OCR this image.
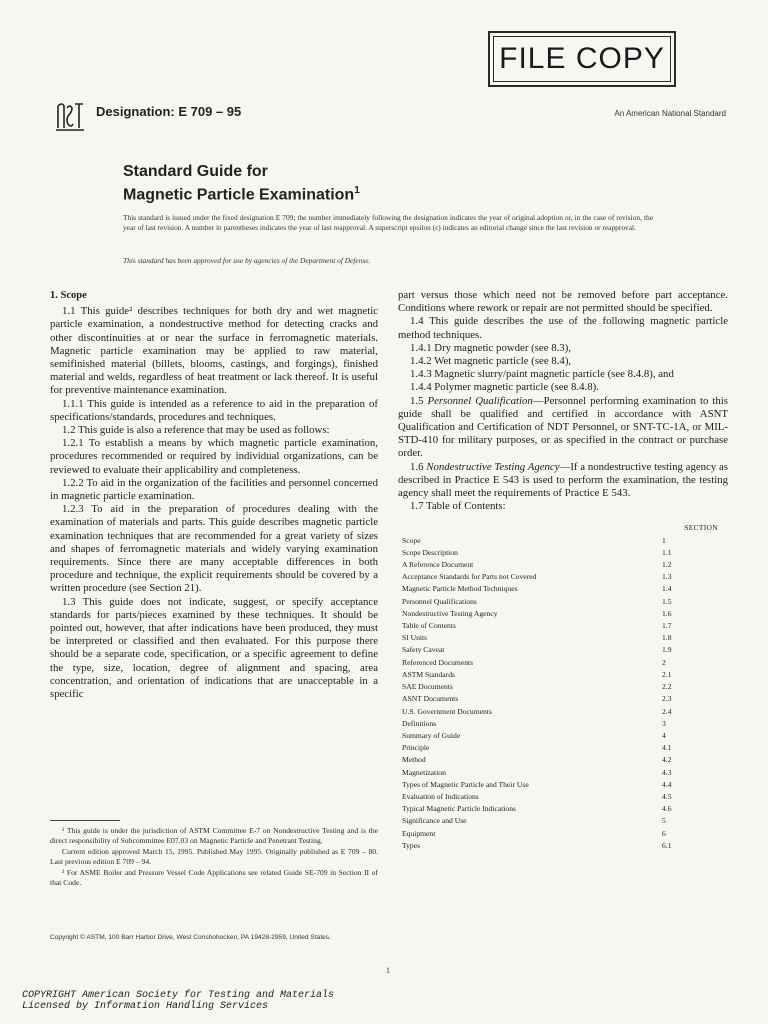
FILE COPY
Designation: E 709 – 95	An American National Standard
Standard Guide for
Magnetic Particle Examination$^1$
This standard is issued under the fixed designation E 709; the number immediately following the designation indicates the year of original adoption or, in the case of revision, the year of last revision. A number in parentheses indicates the year of last reapproval. A superscript epsilon (ε) indicates an editorial change since the last revision or reapproval.
This standard has been approved for use by agencies of the Department of Defense.
1. Scope

1.1 This guide² describes techniques for both dry and wet magnetic particle examination, a nondestructive method for detecting cracks and other discontinuities at or near the surface in ferromagnetic materials. Magnetic particle examination may be applied to raw material, semifinished material (billets, blooms, castings, and forgings), finished material and welds, regardless of heat treatment or lack thereof. It is useful for preventive maintenance examination.

1.1.1 This guide is intended as a reference to aid in the preparation of specifications/standards, procedures and techniques.

1.2 This guide is also a reference that may be used as follows:

1.2.1 To establish a means by which magnetic particle examination, procedures recommended or required by individual organizations, can be reviewed to evaluate their applicability and completeness.

1.2.2 To aid in the organization of the facilities and personnel concerned in magnetic particle examination.

1.2.3 To aid in the preparation of procedures dealing with the examination of materials and parts. This guide describes magnetic particle examination techniques that are recommended for a great variety of sizes and shapes of ferromagnetic materials and widely varying examination requirements. Since there are many acceptable differences in both procedure and technique, the explicit requirements should be covered by a written procedure (see Section 21).

1.3 This guide does not indicate, suggest, or specify acceptance standards for parts/pieces examined by these techniques. It should be pointed out, however, that after indications have been produced, they must be interpreted or classified and then evaluated. For this purpose there should be a separate code, specification, or a specific agreement to define the type, size, location, degree of alignment and spacing, area concentration, and orientation of indications that are unacceptable in a specific

part versus those which need not be removed before part acceptance. Conditions where rework or repair are not permitted should be specified.

1.4 This guide describes the use of the following magnetic particle method techniques.

1.4.1 Dry magnetic powder (see 8.3),

1.4.2 Wet magnetic particle (see 8.4),

1.4.3 Magnetic slurry/paint magnetic particle (see 8.4.8), and

1.4.4 Polymer magnetic particle (see 8.4.8).

1.5 Personnel Qualification—Personnel performing examination to this guide shall be qualified and certified in accordance with ASNT Qualification and Certification of NDT Personnel, or SNT-TC-1A, or MIL-STD-410 for military purposes, or as specified in the contract or purchase order.

1.6 Nondestructive Testing Agency—If a nondestructive testing agency as described in Practice E 543 is used to perform the examination, the testing agency shall meet the requirements of Practice E 543.

1.7 Table of Contents:

SECTION
Scope	1
Scope Description	1.1
A Reference Document	1.2
Acceptance Standards for Parts not Covered	1.3
Magnetic Particle Method Techniques	1.4
Personnel Qualifications	1.5
Nondestructive Testing Agency	1.6
Table of Contents	1.7
SI Units	1.8
Safety Caveat	1.9
Referenced Documents	2
ASTM Standards	2.1
SAE Documents	2.2
ASNT Documents	2.3
U.S. Government Documents	2.4
Definitions	3
Summary of Guide	4
Principle	4.1
Method	4.2
Magnetization	4.3
Types of Magnetic Particle and Their Use	4.4
Evaluation of Indications	4.5
Typical Magnetic Particle Indications	4.6
Significance and Use	5
Equipment	6
Types	6.1

¹ This guide is under the jurisdiction of ASTM Committee E-7 on Nondestructive Testing and is the direct responsibility of Subcommittee E07.03 on Magnetic Particle and Penetrant Testing.

Current edition approved March 15, 1995. Published May 1995. Originally published as E 709 – 80. Last previous edition E 709 – 94.

² For ASME Boiler and Pressure Vessel Code Applications see related Guide SE-709 in Section II of that Code.

Copyright © ASTM, 100 Barr Harbor Drive, West Conshohocken, PA 19428-2959, United States.
1
COPYRIGHT American Society for Testing and Materials
Licensed by Information Handling Services
